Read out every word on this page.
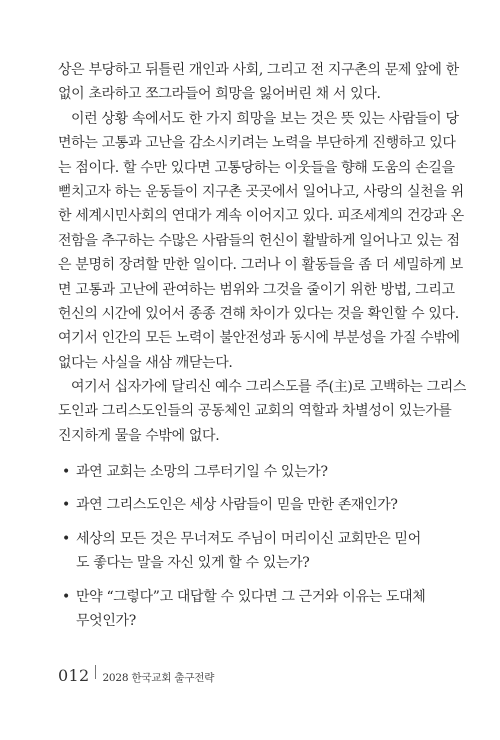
상은 부당하고 뒤틀린 개인과 사회, 그리고 전 지구촌의 문제 앞에 한
없이 초라하고 쪼그라들어 희망을 잃어버린 채 서 있다.
이런 상황 속에서도 한 가지 희망을 보는 것은 뜻 있는 사람들이 당
면하는 고통과 고난을 감소시키려는 노력을 부단하게 진행하고 있다
는 점이다. 할 수만 있다면 고통당하는 이웃들을 향해 도움의 손길을
뻗치고자 하는 운동들이 지구촌 곳곳에서 일어나고, 사랑의 실천을 위
한 세계시민사회의 연대가 계속 이어지고 있다. 피조세계의 건강과 온
전함을 추구하는 수많은 사람들의 헌신이 활발하게 일어나고 있는 점
은 분명히 장려할 만한 일이다. 그러나 이 활동들을 좀 더 세밀하게 보
면 고통과 고난에 관여하는 범위와 그것을 줄이기 위한 방법, 그리고
헌신의 시간에 있어서 종종 견해 차이가 있다는 것을 확인할 수 있다.
여기서 인간의 모든 노력이 불안전성과 동시에 부분성을 가질 수밖에
없다는 사실을 새삼 깨닫는다.
여기서 십자가에 달리신 예수 그리스도를 주(主)로 고백하는 그리스
도인과 그리스도인들의 공동체인 교회의 역할과 차별성이 있는가를
진지하게 물을 수밖에 없다.
• 과연 교회는 소망의 그루터기일 수 있는가?
• 과연 그리스도인은 세상 사람들이 믿을 만한 존재인가?
• 세상의 모든 것은 무너져도 주님이 머리이신 교회만은 믿어
도 좋다는 말을 자신 있게 할 수 있는가?
• 만약 “그렇다”고 대답할 수 있다면 그 근거와 이유는 도대체
무엇인가?
012 2028 한국교회 출구전략
